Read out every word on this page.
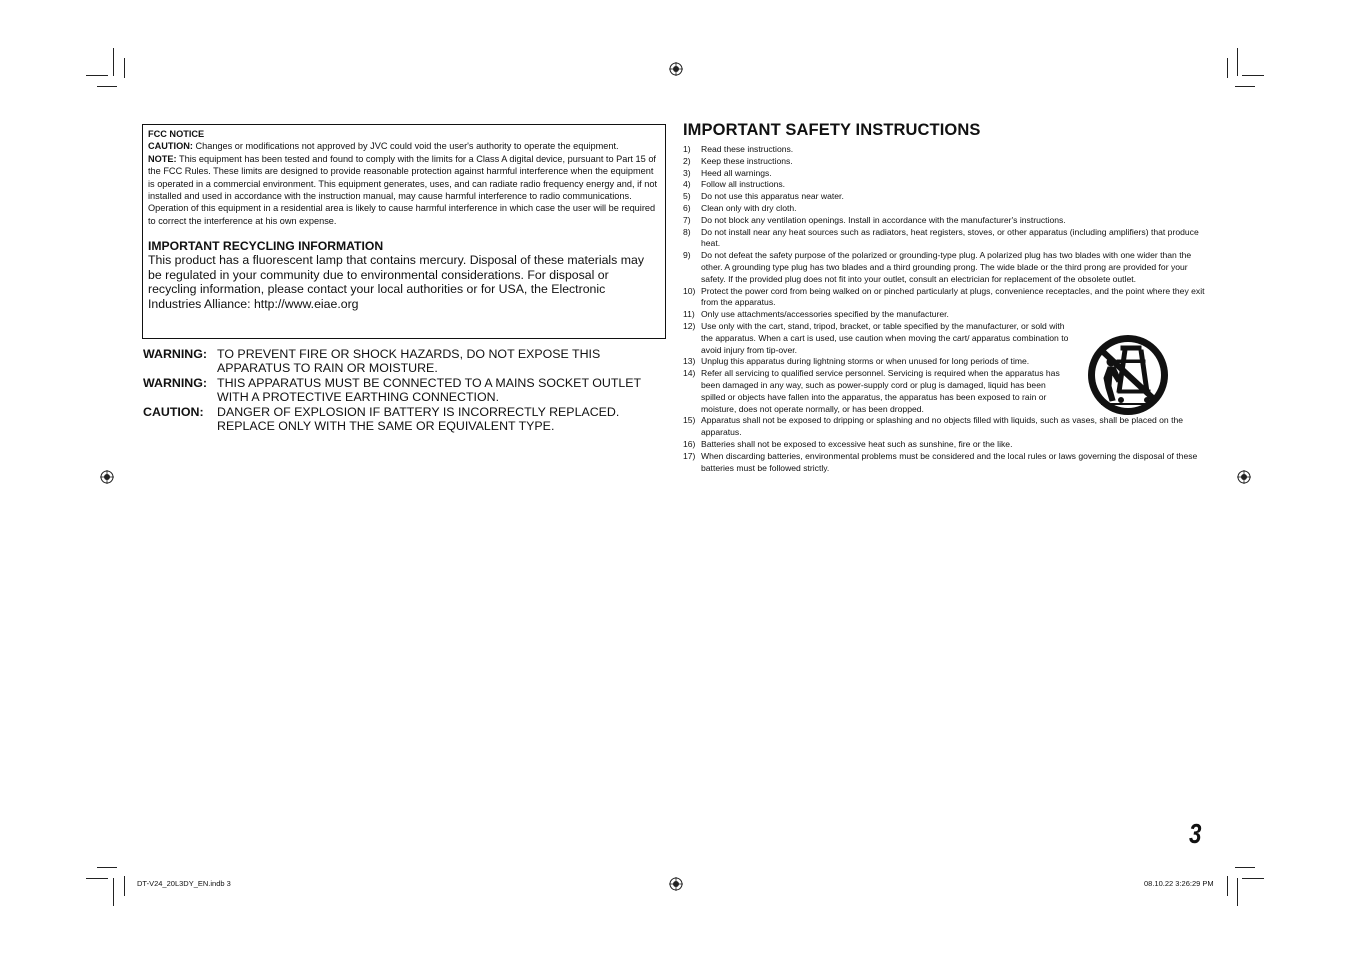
FCC NOTICE

CAUTION: Changes or modifications not approved by JVC could void the user's authority to operate the equipment.

NOTE: This equipment has been tested and found to comply with the limits for a Class A digital device, pursuant to Part 15 of the FCC Rules. These limits are designed to provide reasonable protection against harmful interference when the equipment is operated in a commercial environment. This equipment generates, uses, and can radiate radio frequency energy and, if not installed and used in accordance with the instruction manual, may cause harmful interference to radio communications. Operation of this equipment in a residential area is likely to cause harmful interference in which case the user will be required to correct the interference at his own expense.

IMPORTANT RECYCLING INFORMATION

This product has a fluorescent lamp that contains mercury. Disposal of these materials may be regulated in your community due to environmental considerations. For disposal or recycling information, please contact your local authorities or for USA, the Electronic Industries Alliance: http://www.eiae.org

WARNING: TO PREVENT FIRE OR SHOCK HAZARDS, DO NOT EXPOSE THIS APPARATUS TO RAIN OR MOISTURE.
WARNING: THIS APPARATUS MUST BE CONNECTED TO A MAINS SOCKET OUTLET WITH A PROTECTIVE EARTHING CONNECTION.
CAUTION:	DANGER OF EXPLOSION IF BATTERY IS INCORRECTLY REPLACED. REPLACE ONLY WITH THE SAME OR EQUIVALENT TYPE.
IMPORTANT SAFETY INSTRUCTIONS
1)	Read these instructions.
2)	Keep these instructions.
3)	Heed all warnings.
4)	Follow all instructions.
5)	Do not use this apparatus near water.
6)	Clean only with dry cloth.
7)	Do not block any ventilation openings. Install in accordance with the manufacturer's instructions.
8)	Do not install near any heat sources such as radiators, heat registers, stoves, or other apparatus (including amplifiers) that produce heat.
9)	Do not defeat the safety purpose of the polarized or grounding-type plug. A polarized plug has two blades with one wider than the other. A grounding type plug has two blades and a third grounding prong. The wide blade or the third prong are provided for your safety. If the provided plug does not fit into your outlet, consult an electrician for replacement of the obsolete outlet.
10) Protect the power cord from being walked on or pinched particularly at plugs, convenience receptacles, and the point where they exit from the apparatus.
11) Only use attachments/accessories specified by the manufacturer.
12) Use only with the cart, stand, tripod, bracket, or table specified by the manufacturer, or sold with the apparatus. When a cart is used, use caution when moving the cart/ apparatus combination to avoid injury from tip-over.
13) Unplug this apparatus during lightning storms or when unused for long periods of time.
14) Refer all servicing to qualified service personnel. Servicing is required when the apparatus has been damaged in any way, such as power-supply cord or plug is damaged, liquid has been spilled or objects have fallen into the apparatus, the apparatus has been exposed to rain or moisture, does not operate normally, or has been dropped.
15) Apparatus shall not be exposed to dripping or splashing and no objects filled with liquids, such as vases, shall be placed on the apparatus.
16) Batteries shall not be exposed to excessive heat such as sunshine, fire or the like.
17) When discarding batteries, environmental problems must be considered and the local rules or laws governing the disposal of these batteries must be followed strictly.
3
DT-V24_20L3DY_EN.indb 3	08.10.22 3:26:29 PM
